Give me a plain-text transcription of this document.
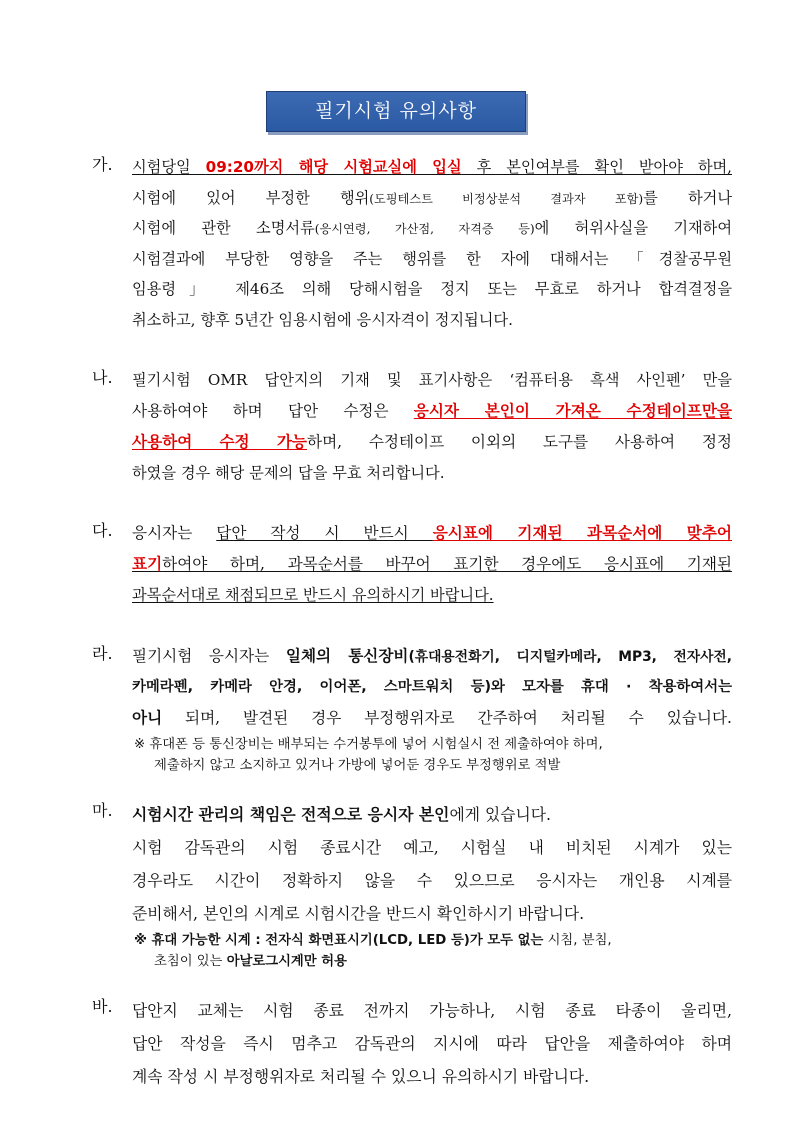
필기시험 유의사항
가.	시험당일 09:20까지 해당 시험교실에 입실 후 본인여부를 확인 받아야 하며,
시험에 있어 부정한 행위(도핑테스트 비정상분석 결과자 포함)를 하거나
시험에 관한 소명서류(응시연령, 가산점, 자격증 등)에 허위사실을 기재하여
시험결과에 부당한 영향을 주는 행위를 한 자에 대해서는 「경찰공무원
임용령」 제46조 의해 당해시험을 정지 또는 무효로 하거나 합격결정을
취소하고, 향후 5년간 임용시험에 응시자격이 정지됩니다.
나.	필기시험 OMR 답안지의 기재 및 표기사항은 ‘컴퓨터용 흑색 사인펜’ 만을
사용하여야 하며 답안 수정은 응시자 본인이 가져온 수정테이프만을
사용하여 수정 가능하며, 수정테이프 이외의 도구를 사용하여 정정
하였을 경우 해당 문제의 답을 무효 처리합니다.
다.	응시자는 답안 작성 시 반드시 응시표에 기재된 과목순서에 맞추어
표기하여야 하며, 과목순서를 바꾸어 표기한 경우에도 응시표에 기재된
과목순서대로 채점되므로 반드시 유의하시기 바랍니다.
라.	필기시험 응시자는 일체의 통신장비(휴대용전화기, 디지털카메라, MP3, 전자사전,
카메라펜, 카메라 안경, 이어폰, 스마트워치 등)와 모자를 휴대 · 착용하여서는
아니 되며, 발견된 경우 부정행위자로 간주하여 처리될 수 있습니다.
※ 휴대폰 등 통신장비는 배부되는 수거봉투에 넣어 시험실시 전 제출하여야 하며,
제출하지 않고 소지하고 있거나 가방에 넣어둔 경우도 부정행위로 적발
마.	시험시간 관리의 책임은 전적으로 응시자 본인에게 있습니다.
시험 감독관의 시험 종료시간 예고, 시험실 내 비치된 시계가 있는
경우라도 시간이 정확하지 않을 수 있으므로 응시자는 개인용 시계를
준비해서, 본인의 시계로 시험시간을 반드시 확인하시기 바랍니다.
※ 휴대 가능한 시계 : 전자식 화면표시기(LCD, LED 등)가 모두 없는 시침, 분침,
초침이 있는 아날로그시계만 허용
바.	답안지 교체는 시험 종료 전까지 가능하나, 시험 종료 타종이 울리면,
답안 작성을 즉시 멈추고 감독관의 지시에 따라 답안을 제출하여야 하며
계속 작성 시 부정행위자로 처리될 수 있으니 유의하시기 바랍니다.
